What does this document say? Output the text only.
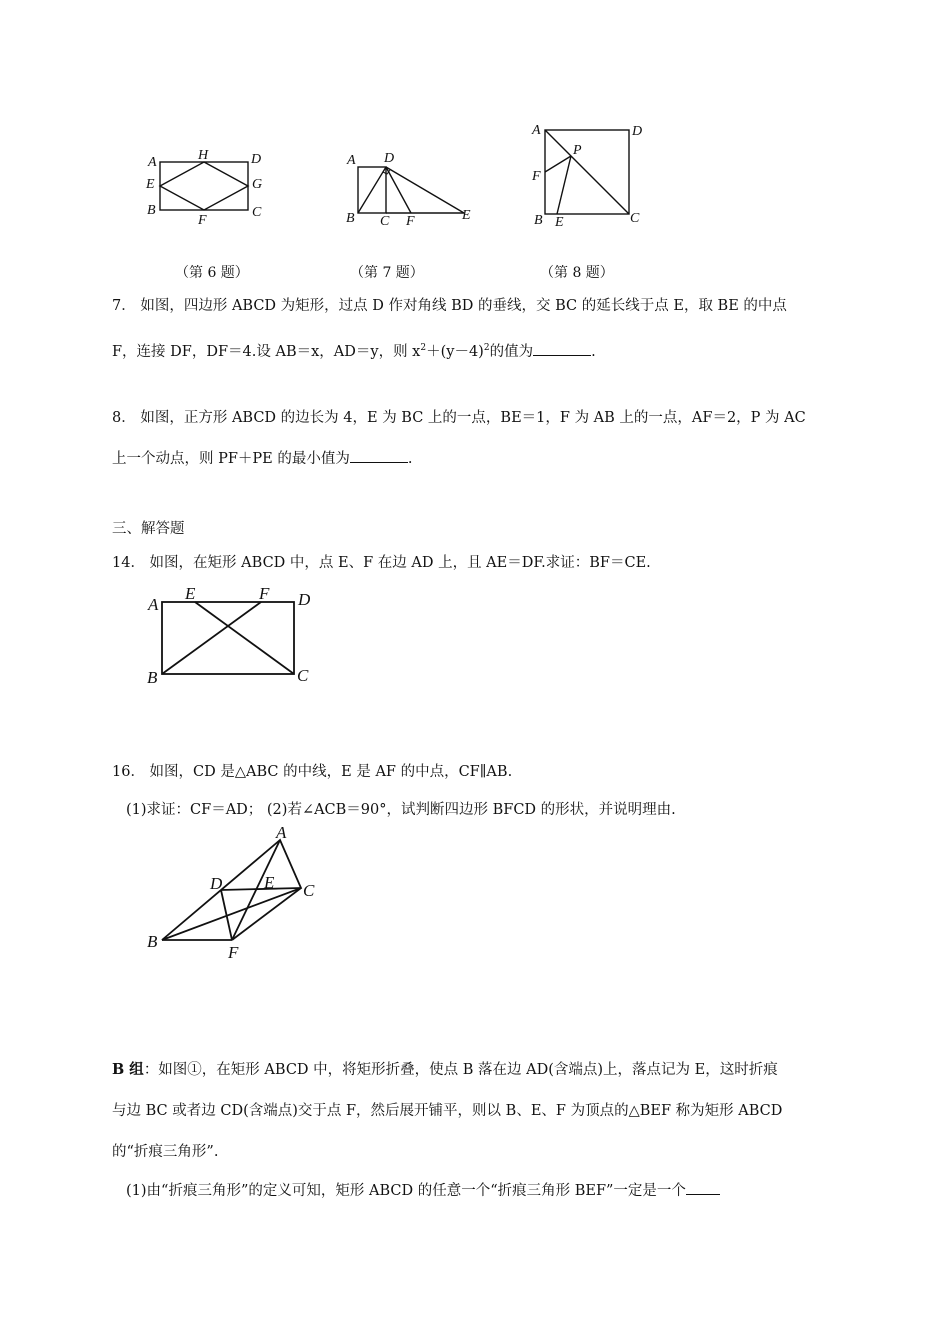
A	H	D
E	G
B
F
C
（第 6 题）
A D
B C F	E
（第 7 题）
A	D
P
F
B E	C
（第 8 题）
7． 如图，四边形 ABCD 为矩形，过点 D 作对角线 BD 的垂线，交 BC 的延长线于点 E，取 BE 的中点
F，连接 DF，DF＝4.设 AB＝x，AD＝y，则 $x^2+(y-4)^2$的值为	.
8． 如图，正方形 ABCD 的边长为 4，E 为 BC 上的一点，BE＝1，F 为 AB 上的一点，AF＝2，P 为 AC
上一个动点，则 PF＋PE 的最小值为	.
三、解答题
14． 如图，在矩形 ABCD 中，点 E、F 在边 AD 上，且 AE＝DF.求证：BF＝CE.
A
E	F D
B	C
16． 如图，CD 是△ABC 的中线，E 是 AF 的中点，CF∥AB.
(1)求证：CF＝AD； (2)若∠ACB＝90°，试判断四边形 BFCD 的形状，并说明理由.
A
D E C
B
F
B 组：如图①，在矩形 ABCD 中，将矩形折叠，使点 B 落在边 AD(含端点)上，落点记为 E，这时折痕
与边 BC 或者边 CD(含端点)交于点 F，然后展开铺平，则以 B、E、F 为顶点的△BEF 称为矩形 ABCD
的“折痕三角形”.
(1)由“折痕三角形”的定义可知，矩形 ABCD 的任意一个“折痕三角形 BEF”一定是一个
